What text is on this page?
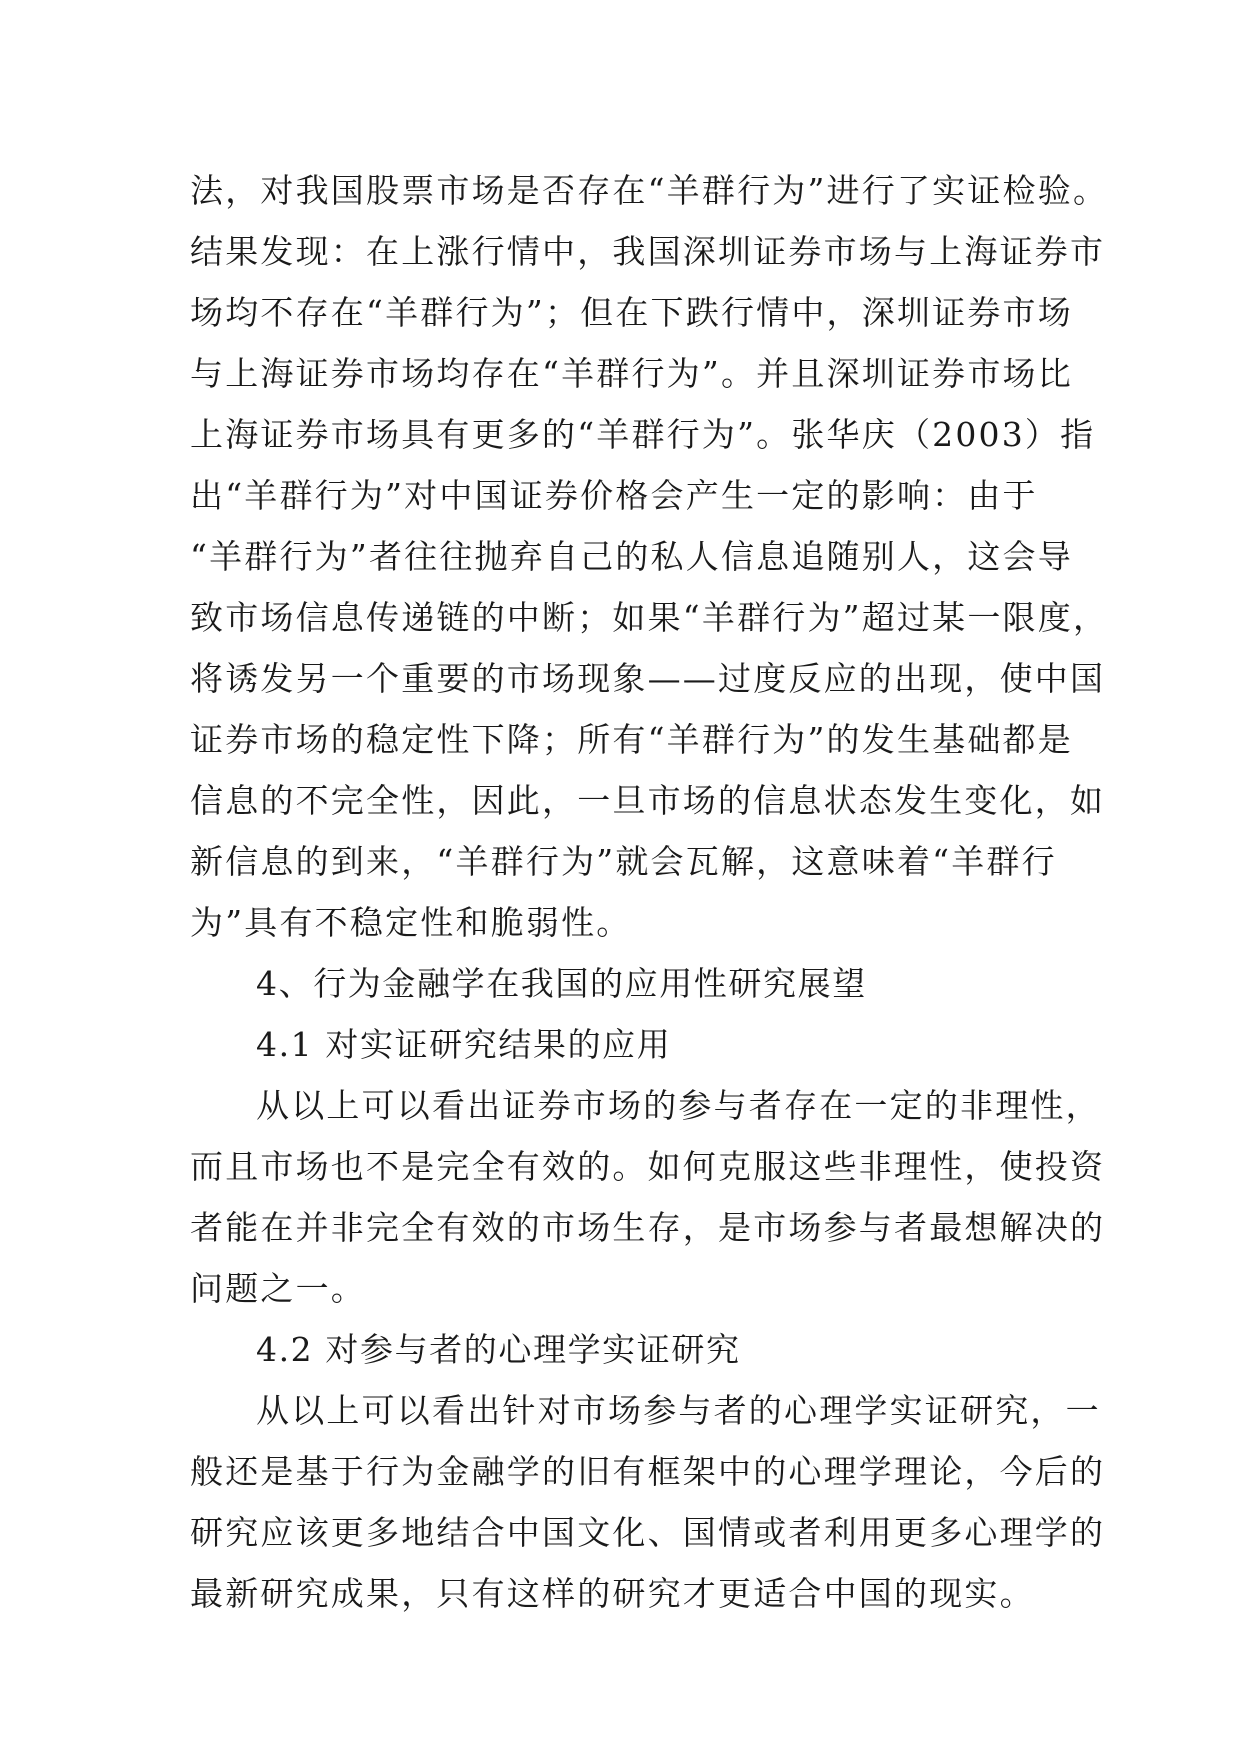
法，对我国股票市场是否存在“羊群行为”进行了实证检验。
结果发现：在上涨行情中，我国深圳证券市场与上海证券市
场均不存在“羊群行为”；但在下跌行情中，深圳证券市场
与上海证券市场均存在“羊群行为”。并且深圳证券市场比
上海证券市场具有更多的“羊群行为”。张华庆（2003）指
出“羊群行为”对中国证券价格会产生一定的影响：由于
“羊群行为”者往往抛弃自己的私人信息追随别人，这会导
致市场信息传递链的中断；如果“羊群行为”超过某一限度，
将诱发另一个重要的市场现象——过度反应的出现，使中国
证券市场的稳定性下降；所有“羊群行为”的发生基础都是
信息的不完全性，因此，一旦市场的信息状态发生变化，如
新信息的到来，“羊群行为”就会瓦解，这意味着“羊群行
为”具有不稳定性和脆弱性。
4、行为金融学在我国的应用性研究展望
4.1 对实证研究结果的应用
从以上可以看出证券市场的参与者存在一定的非理性，
而且市场也不是完全有效的。如何克服这些非理性，使投资
者能在并非完全有效的市场生存，是市场参与者最想解决的
问题之一。
4.2 对参与者的心理学实证研究
从以上可以看出针对市场参与者的心理学实证研究，一
般还是基于行为金融学的旧有框架中的心理学理论，今后的
研究应该更多地结合中国文化、国情或者利用更多心理学的
最新研究成果，只有这样的研究才更适合中国的现实。
